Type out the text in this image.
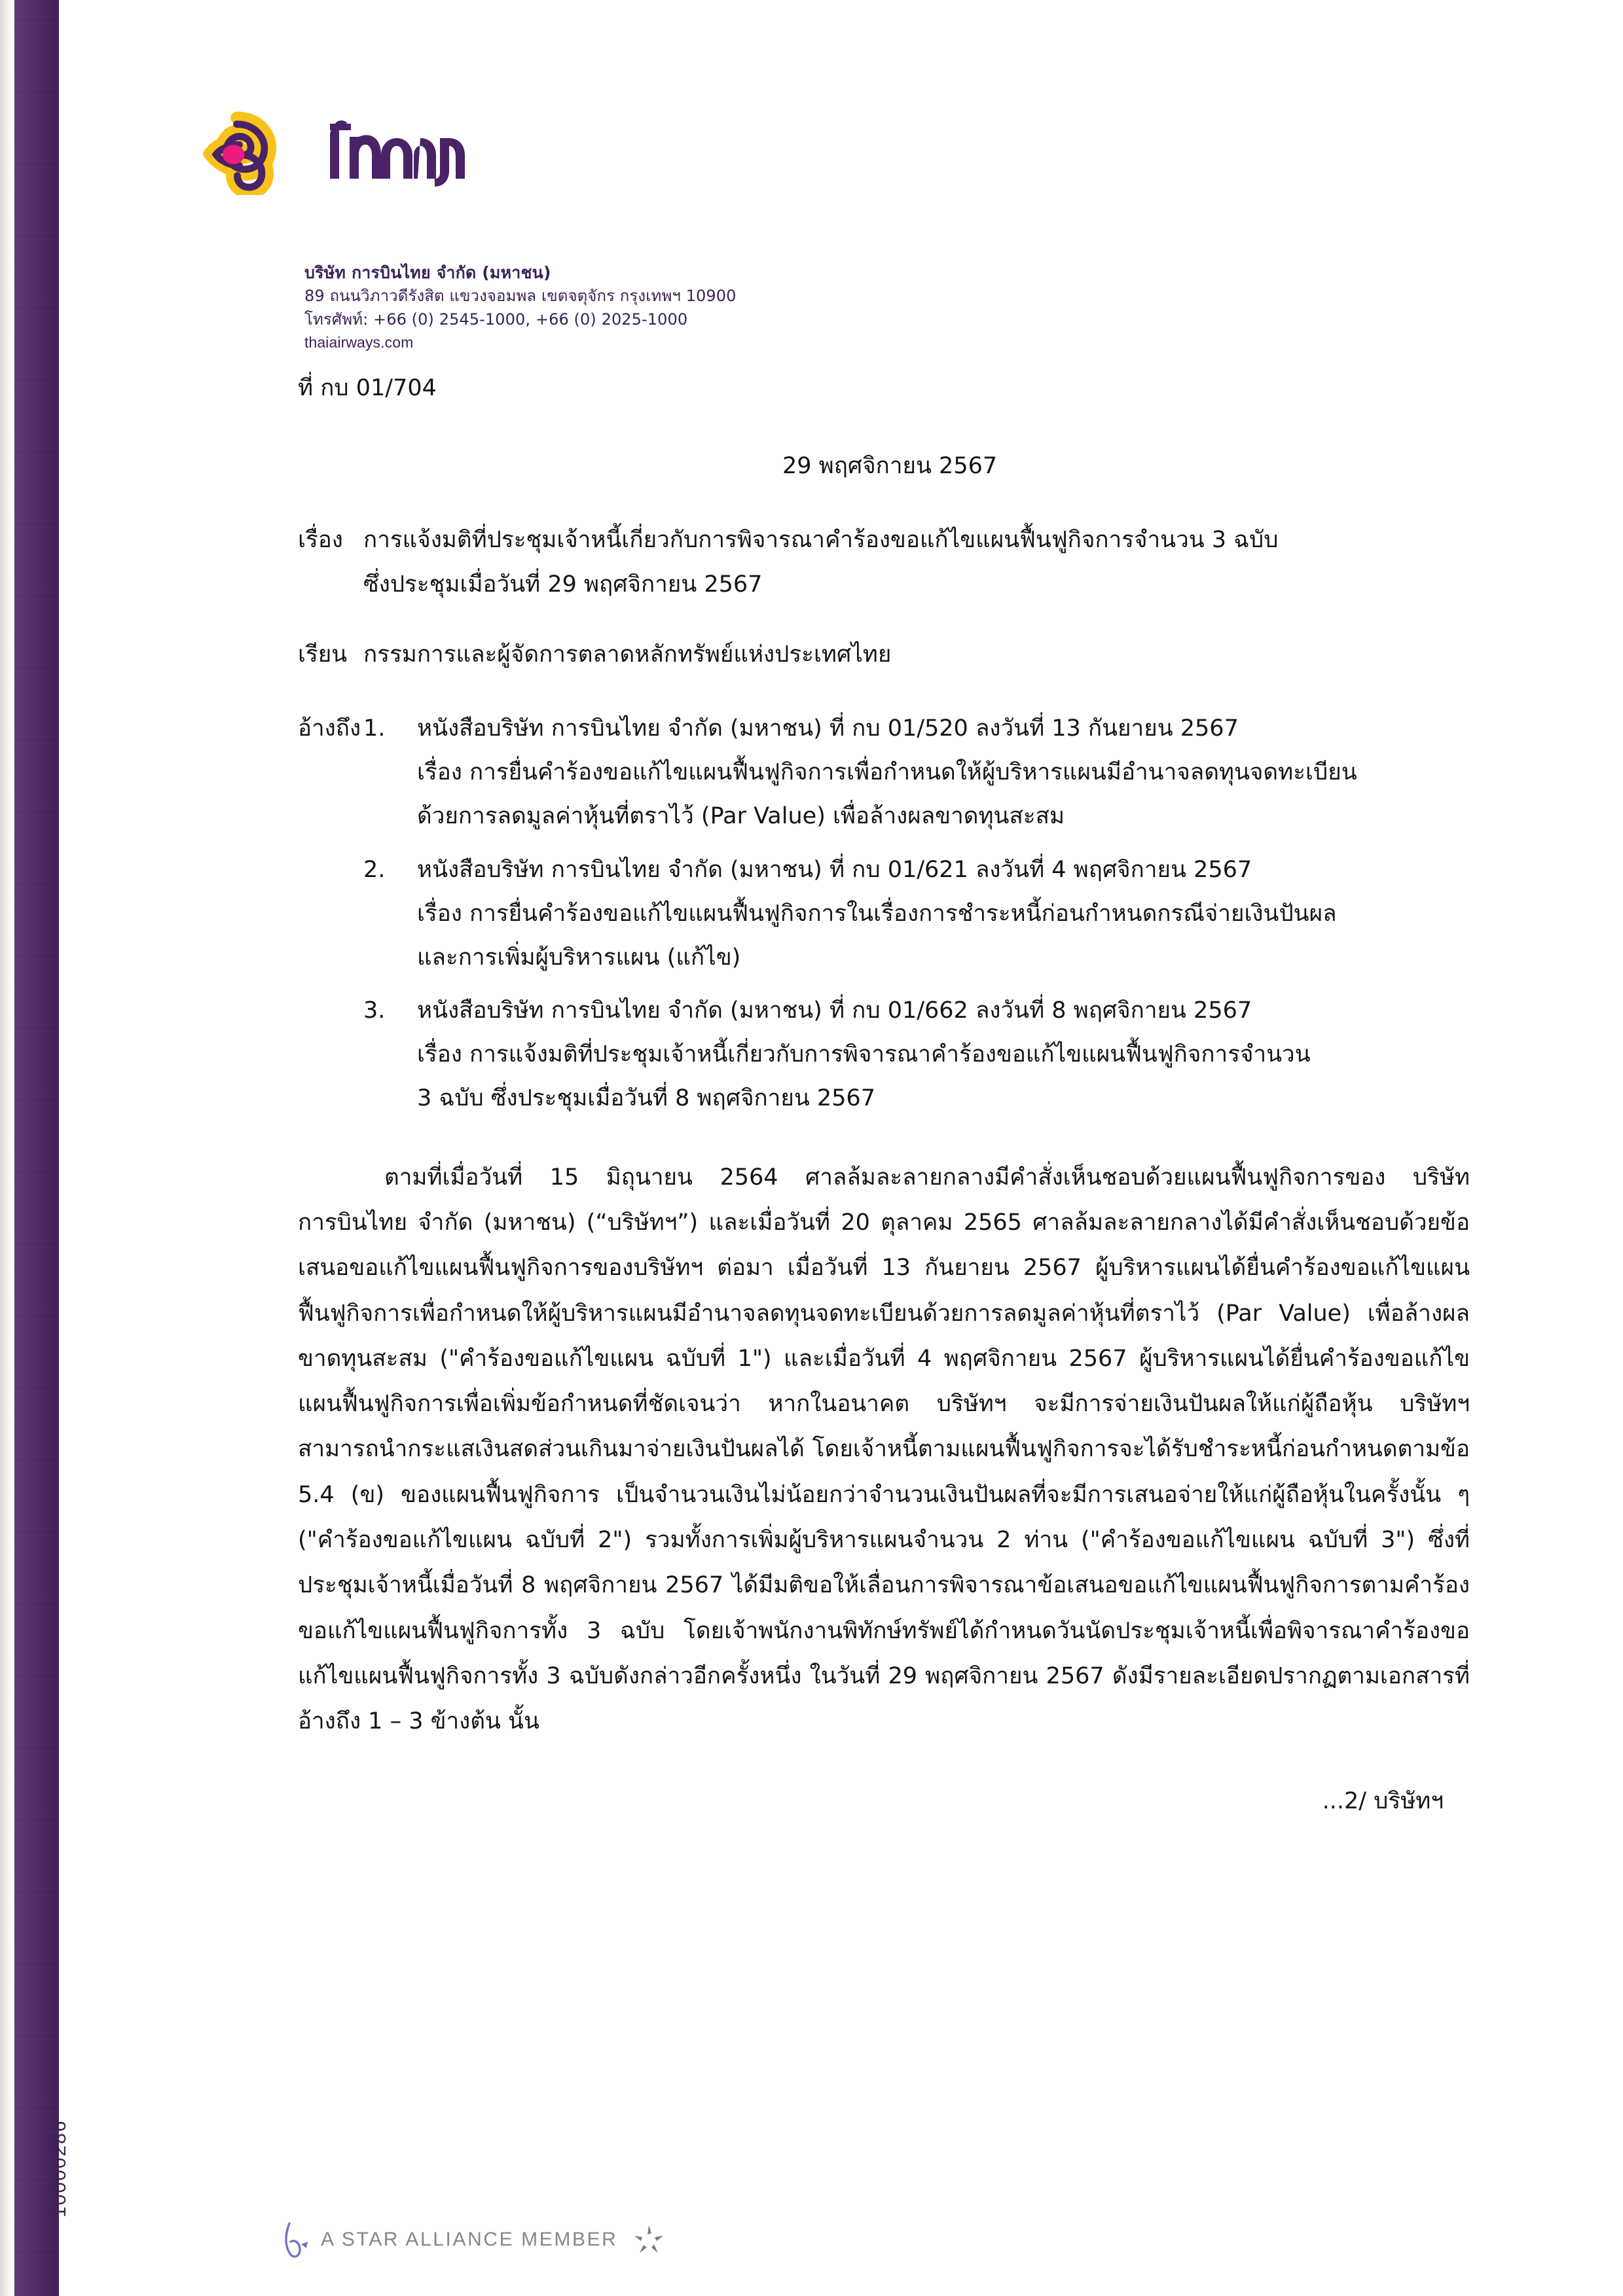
10000286
บริษัท การบินไทย จำกัด (มหาชน)
89 ถนนวิภาวดีรังสิต แขวงจอมพล เขตจตุจักร กรุงเทพฯ 10900
โทรศัพท์: +66 (0) 2545-1000, +66 (0) 2025-1000
thaiairways.com
ที่ กบ 01/704
29 พฤศจิกายน 2567
เรื่อง การแจ้งมติที่ประชุมเจ้าหนี้เกี่ยวกับการพิจารณาคำร้องขอแก้ไขแผนฟื้นฟูกิจการจำนวน 3 ฉบับ
ซึ่งประชุมเมื่อวันที่ 29 พฤศจิกายน 2567
เรียน กรรมการและผู้จัดการตลาดหลักทรัพย์แห่งประเทศไทย
อ้างถึง 1.	หนังสือบริษัท การบินไทย จำกัด (มหาชน) ที่ กบ 01/520 ลงวันที่ 13 กันยายน 2567
เรื่อง การยื่นคำร้องขอแก้ไขแผนฟื้นฟูกิจการเพื่อกำหนดให้ผู้บริหารแผนมีอำนาจลดทุนจดทะเบียน
ด้วยการลดมูลค่าหุ้นที่ตราไว้ (Par Value) เพื่อล้างผลขาดทุนสะสม
2.	หนังสือบริษัท การบินไทย จำกัด (มหาชน) ที่ กบ 01/621 ลงวันที่ 4 พฤศจิกายน 2567
เรื่อง การยื่นคำร้องขอแก้ไขแผนฟื้นฟูกิจการในเรื่องการชำระหนี้ก่อนกำหนดกรณีจ่ายเงินปันผล
และการเพิ่มผู้บริหารแผน (แก้ไข)
3.	หนังสือบริษัท การบินไทย จำกัด (มหาชน) ที่ กบ 01/662 ลงวันที่ 8 พฤศจิกายน 2567
เรื่อง การแจ้งมติที่ประชุมเจ้าหนี้เกี่ยวกับการพิจารณาคำร้องขอแก้ไขแผนฟื้นฟูกิจการจำนวน
3 ฉบับ ซึ่งประชุมเมื่อวันที่ 8 พฤศจิกายน 2567
ตามที่เมื่อวันที่ 15 มิถุนายน 2564 ศาลล้มละลายกลางมีคำสั่งเห็นชอบด้วยแผนฟื้นฟูกิจการของ บริษัท การบินไทย จำกัด (มหาชน) (“บริษัทฯ”) และเมื่อวันที่ 20 ตุลาคม 2565 ศาลล้มละลายกลางได้มีคำสั่งเห็นชอบด้วยข้อเสนอขอแก้ไขแผนฟื้นฟูกิจการของบริษัทฯ ต่อมา เมื่อวันที่ 13 กันยายน 2567 ผู้บริหารแผนได้ยื่นคำร้องขอแก้ไขแผนฟื้นฟูกิจการเพื่อกำหนดให้ผู้บริหารแผนมีอำนาจลดทุนจดทะเบียนด้วยการลดมูลค่าหุ้นที่ตราไว้ (Par Value) เพื่อล้างผลขาดทุนสะสม ("คำร้องขอแก้ไขแผน ฉบับที่ 1") และเมื่อวันที่ 4 พฤศจิกายน 2567 ผู้บริหารแผนได้ยื่นคำร้องขอแก้ไขแผนฟื้นฟูกิจการเพื่อเพิ่มข้อกำหนดที่ชัดเจนว่า หากในอนาคต บริษัทฯ จะมีการจ่ายเงินปันผลให้แก่ผู้ถือหุ้น บริษัทฯ สามารถนำกระแสเงินสดส่วนเกินมาจ่ายเงินปันผลได้ โดยเจ้าหนี้ตามแผนฟื้นฟูกิจการจะได้รับชำระหนี้ก่อนกำหนดตามข้อ 5.4 (ข) ของแผนฟื้นฟูกิจการ เป็นจำนวนเงินไม่น้อยกว่าจำนวนเงินปันผลที่จะมีการเสนอจ่ายให้แก่ผู้ถือหุ้นในครั้งนั้น ๆ ("คำร้องขอแก้ไขแผน ฉบับที่ 2") รวมทั้งการเพิ่มผู้บริหารแผนจำนวน 2 ท่าน ("คำร้องขอแก้ไขแผน ฉบับที่ 3") ซึ่งที่ประชุมเจ้าหนี้เมื่อวันที่ 8 พฤศจิกายน 2567 ได้มีมติขอให้เลื่อนการพิจารณาข้อเสนอขอแก้ไขแผนฟื้นฟูกิจการตามคำร้องขอแก้ไขแผนฟื้นฟูกิจการทั้ง 3 ฉบับ โดยเจ้าพนักงานพิทักษ์ทรัพย์ได้กำหนดวันนัดประชุมเจ้าหนี้เพื่อพิจารณาคำร้องขอแก้ไขแผนฟื้นฟูกิจการทั้ง 3 ฉบับดังกล่าวอีกครั้งหนึ่ง ในวันที่ 29 พฤศจิกายน 2567 ดังมีรายละเอียดปรากฏตามเอกสารที่อ้างถึง 1 – 3 ข้างต้น นั้น
...2/ บริษัทฯ
A STAR ALLIANCE MEMBER
